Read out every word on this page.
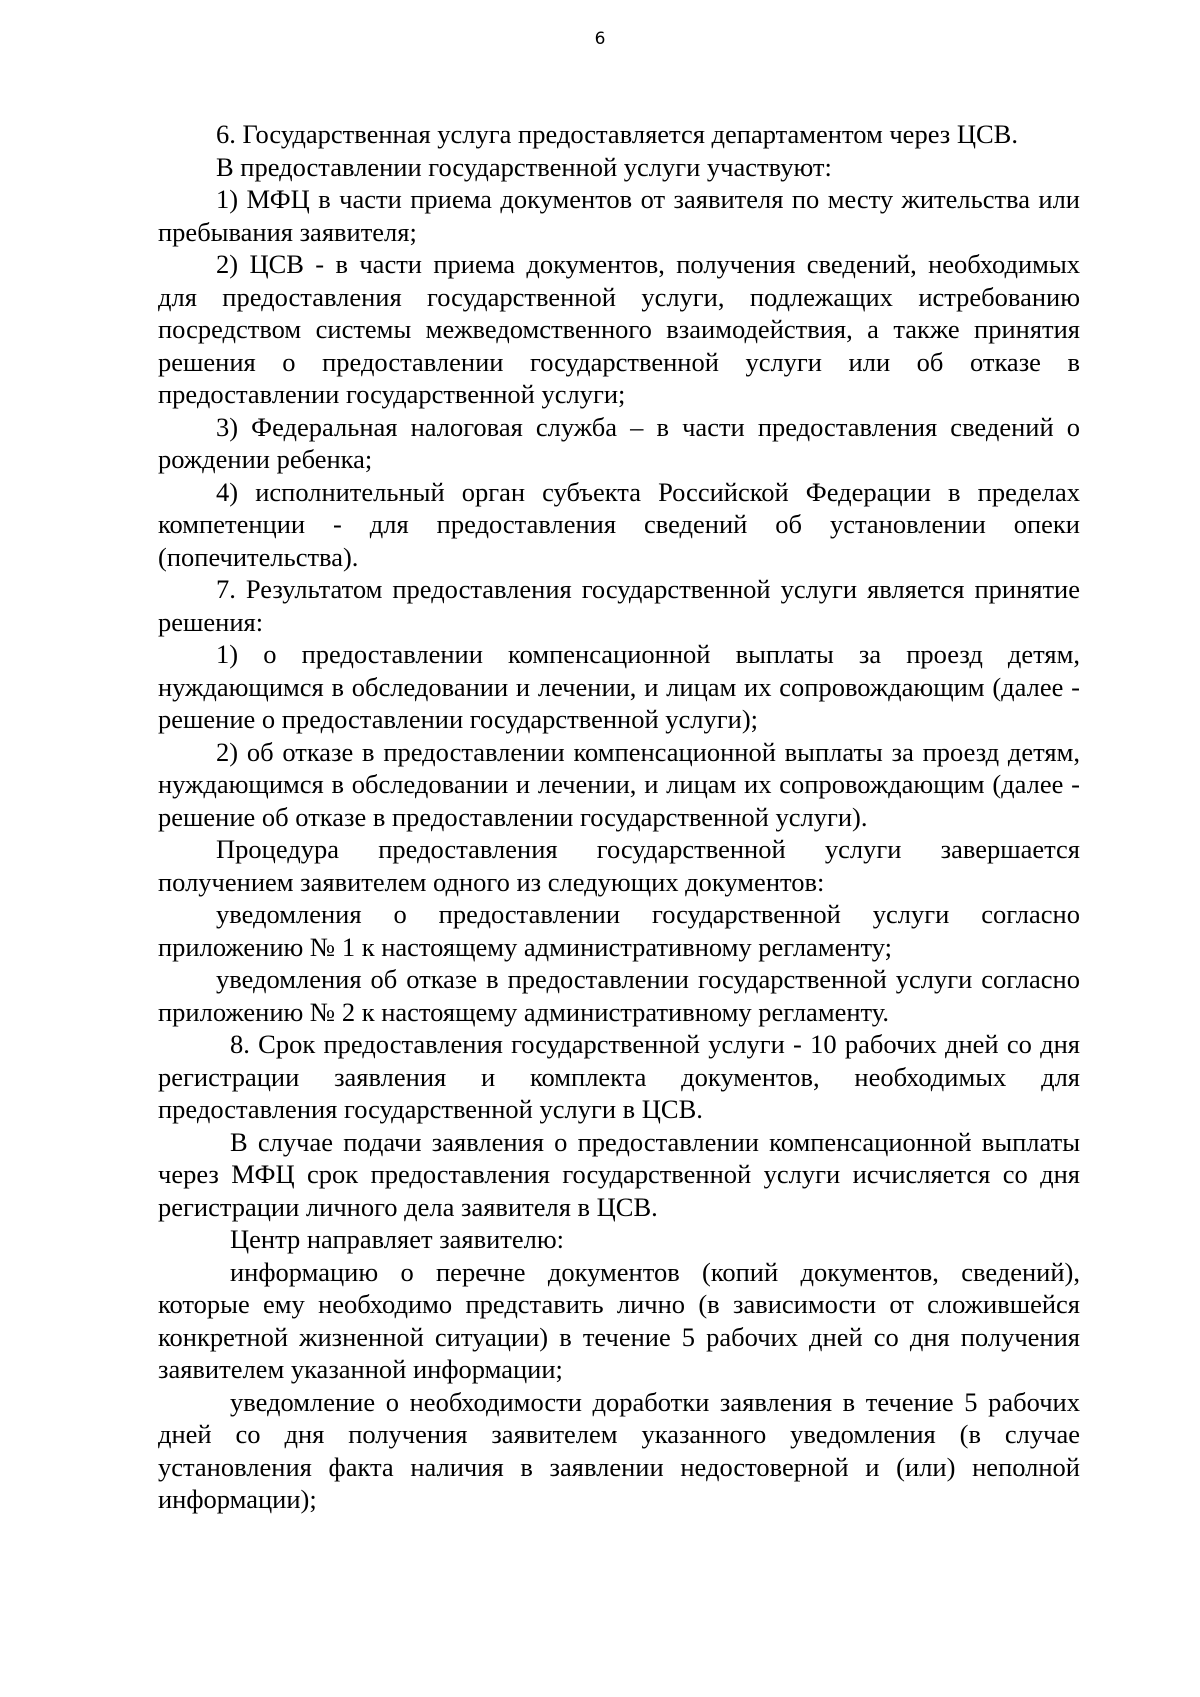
6

6. Государственная услуга предоставляется департаментом через ЦСВ.

В предоставлении государственной услуги участвуют:

1) МФЦ в части приема документов от заявителя по месту жительства или пребывания заявителя;

2) ЦСВ - в части приема документов, получения сведений, необходимых для предоставления государственной услуги, подлежащих истребованию посредством системы межведомственного взаимодействия, а также принятия решения о предоставлении государственной услуги или об отказе в предоставлении государственной услуги;

3) Федеральная налоговая служба – в части предоставления сведений о рождении ребенка;

4) исполнительный орган субъекта Российской Федерации в пределах компетенции - для предоставления сведений об установлении опеки (попечительства).

7. Результатом предоставления государственной услуги является принятие решения:

1) о предоставлении компенсационной выплаты за проезд детям, нуждающимся в обследовании и лечении, и лицам их сопровождающим (далее - решение о предоставлении государственной услуги);

2) об отказе в предоставлении компенсационной выплаты за проезд детям, нуждающимся в обследовании и лечении, и лицам их сопровождающим (далее - решение об отказе в предоставлении государственной услуги).

Процедура предоставления государственной услуги завершается получением заявителем одного из следующих документов:

уведомления о предоставлении государственной услуги согласно приложению № 1 к настоящему административному регламенту;

уведомления об отказе в предоставлении государственной услуги согласно приложению № 2 к настоящему административному регламенту.

8. Срок предоставления государственной услуги - 10 рабочих дней со дня регистрации заявления и комплекта документов, необходимых для предоставления государственной услуги в ЦСВ.

В случае подачи заявления о предоставлении компенсационной выплаты через МФЦ срок предоставления государственной услуги исчисляется со дня регистрации личного дела заявителя в ЦСВ.

Центр направляет заявителю:

информацию о перечне документов (копий документов, сведений), которые ему необходимо представить лично (в зависимости от сложившейся конкретной жизненной ситуации) в течение 5 рабочих дней со дня получения заявителем указанной информации;

уведомление о необходимости доработки заявления в течение 5 рабочих дней со дня получения заявителем указанного уведомления (в случае установления факта наличия в заявлении недостоверной и (или) неполной информации);
